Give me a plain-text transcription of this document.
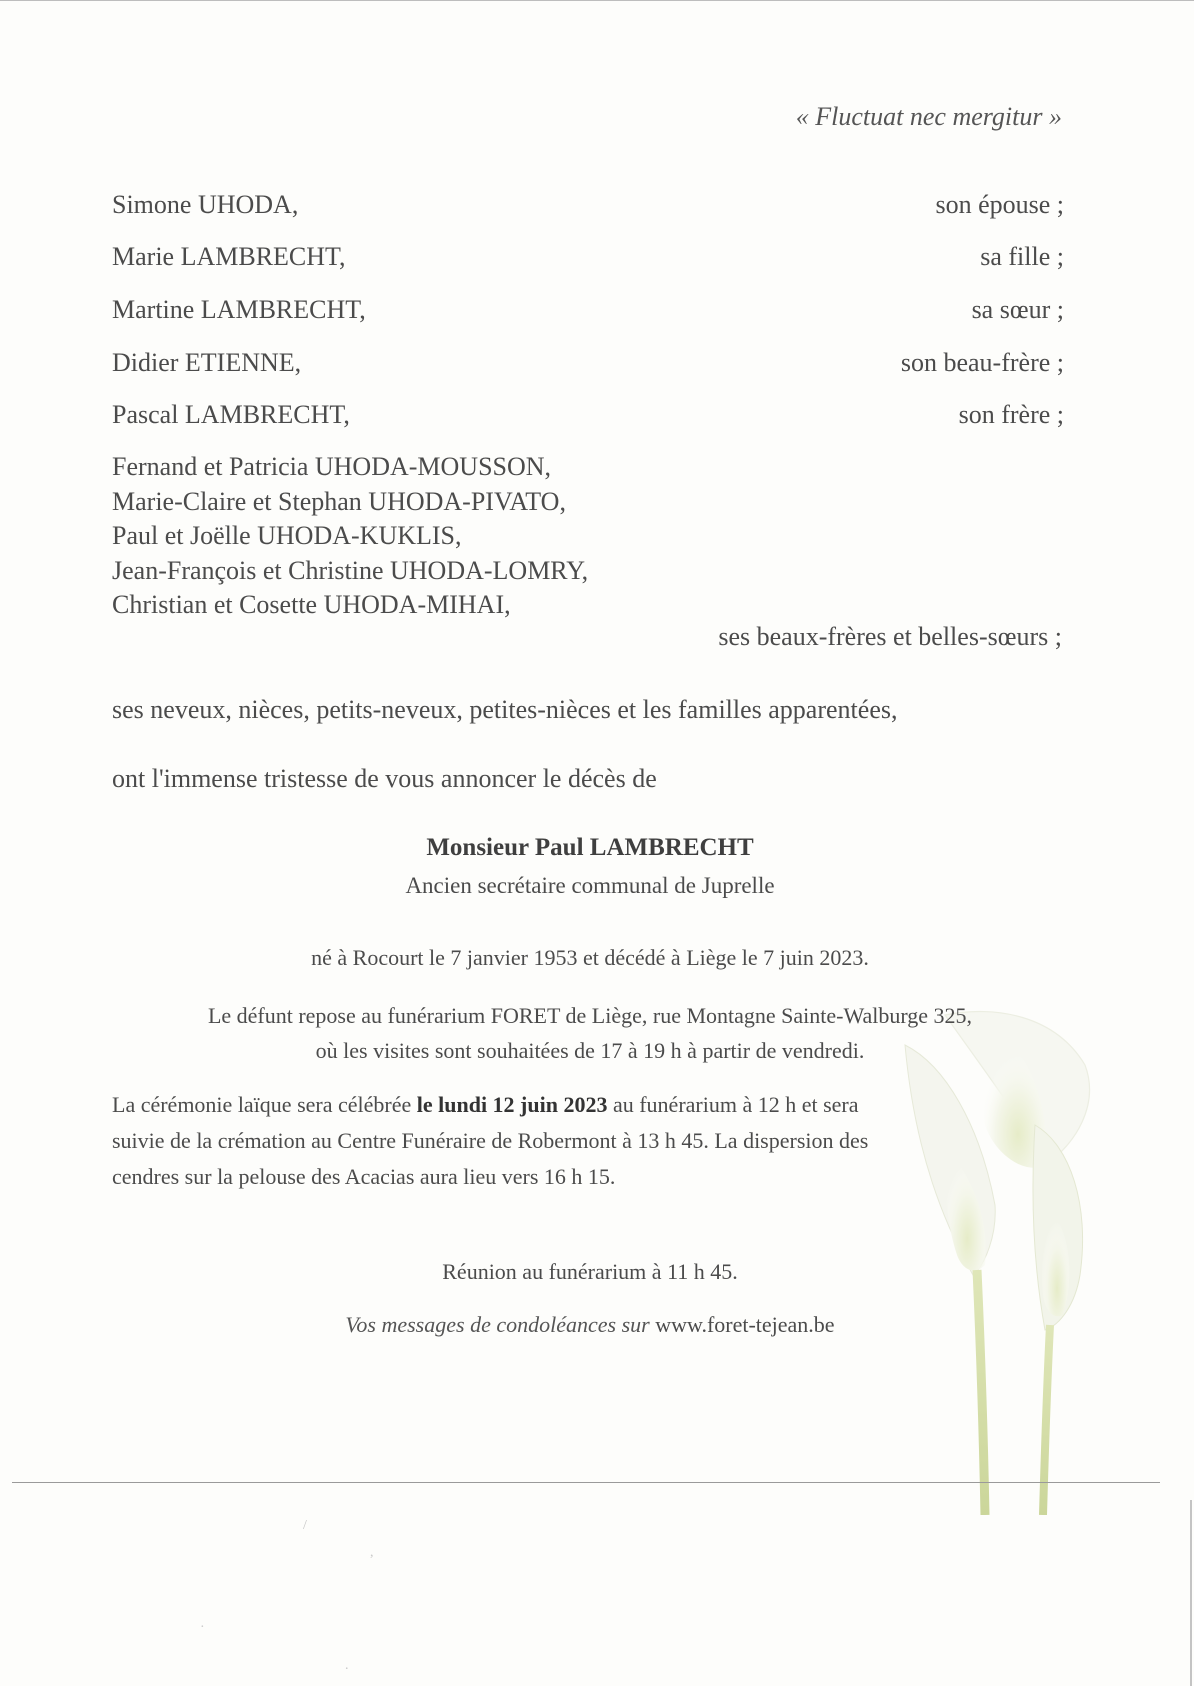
« Fluctuat nec mergitur »
Simone UHODA,	son épouse ;
Marie LAMBRECHT,	sa fille ;
Martine LAMBRECHT,	sa sœur ;
Didier ETIENNE,	son beau-frère ;
Pascal LAMBRECHT,	son frère ;
Fernand et Patricia UHODA-MOUSSON,
Marie-Claire et Stephan UHODA-PIVATO,
Paul et Joëlle UHODA-KUKLIS,
Jean-François et Christine UHODA-LOMRY,
Christian et Cosette UHODA-MIHAI,
ses beaux-frères et belles-sœurs ;
ses neveux, nièces, petits-neveux, petites-nièces et les familles apparentées,
ont l'immense tristesse de vous annoncer le décès de
Monsieur Paul LAMBRECHT
Ancien secrétaire communal de Juprelle
né à Rocourt le 7 janvier 1953 et décédé à Liège le 7 juin 2023.
Le défunt repose au funérarium FORET de Liège, rue Montagne Sainte-Walburge 325,
où les visites sont souhaitées de 17 à 19 h à partir de vendredi.
La cérémonie laïque sera célébrée le lundi 12 juin 2023 au funérarium à 12 h et sera suivie de la crémation au Centre Funéraire de Robermont à 13 h 45. La dispersion des cendres sur la pelouse des Acacias aura lieu vers 16 h 15.
Réunion au funérarium à 11 h 45.
Vos messages de condoléances sur www.foret-tejean.be
/
,
·
.
